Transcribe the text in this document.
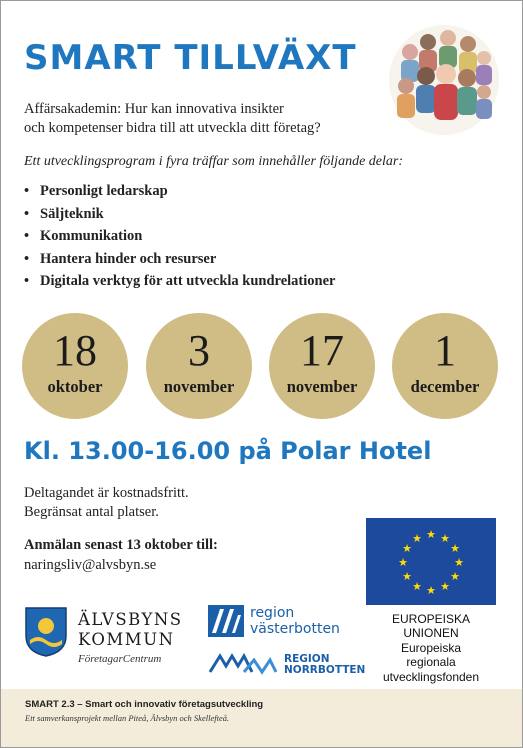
SMART TILLVÄXT
Affärsakademin: Hur kan innovativa insikter
och kompetenser bidra till att utveckla ditt företag?
Ett utvecklingsprogram i fyra träffar som innehåller följande delar:
• Personligt ledarskap
• Säljteknik
• Kommunikation
• Hantera hinder och resurser
• Digitala verktyg för att utveckla kundrelationer
18
oktober
3
november
17
november
1
december
Kl. 13.00-16.00 på Polar Hotel
Deltagandet är kostnadsfritt.
Begränsat antal platser.
Anmälan senast 13 oktober till:
naringsliv@alvsbyn.se
★ ★
★
★
★
★
★
★
★
★
★
★
ÄLVSBYNS
KOMMUN
FöretagarCentrum
region
västerbotten
REGION
NORRBOTTEN
EUROPEISKA
UNIONEN
Europeiska
regionala
utvecklingsfonden
SMART 2.3 – Smart och innovativ företagsutveckling
Ett samverkansprojekt mellan Piteå, Älvsbyn och Skellefteå.
